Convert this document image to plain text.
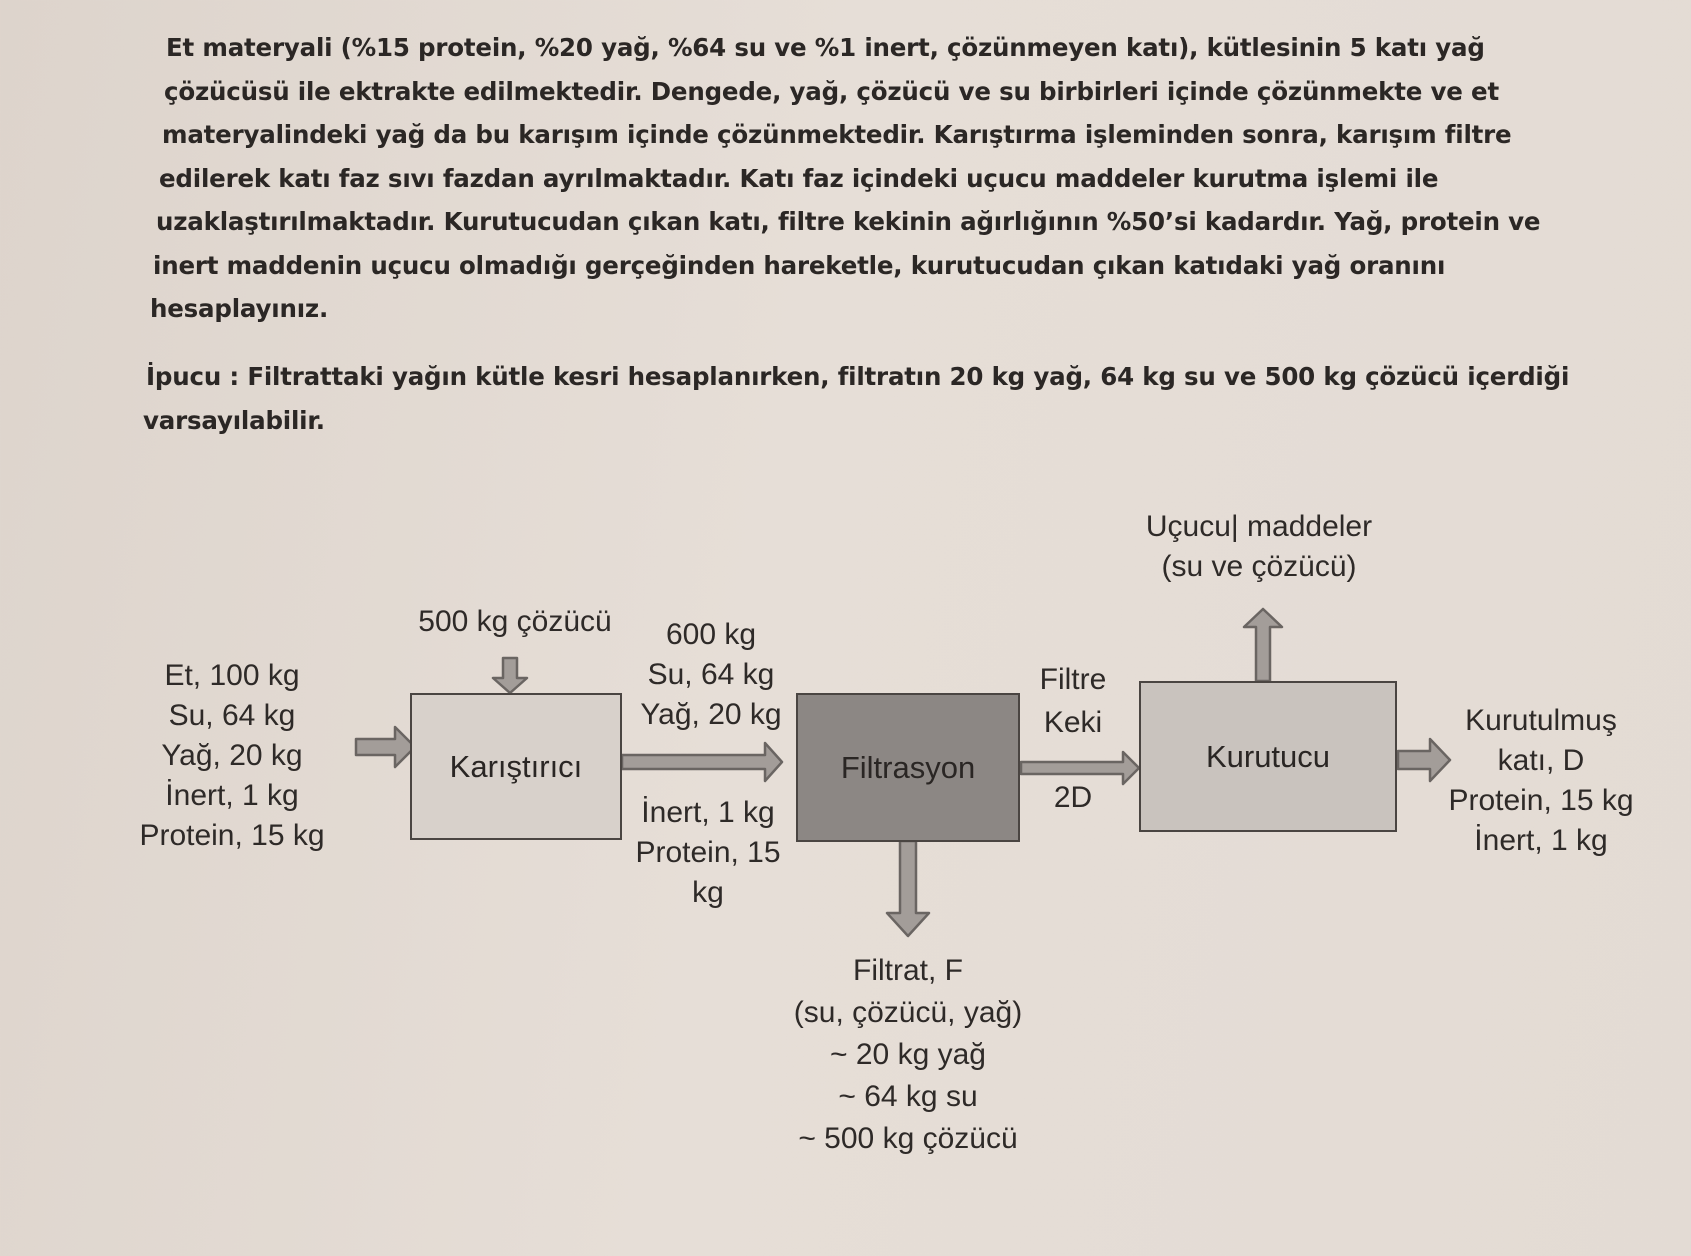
Et materyali (%15 protein, %20 yağ, %64 su ve %1 inert, çözünmeyen katı), kütlesinin 5 katı yağ
çözücüsü ile ektrakte edilmektedir. Dengede, yağ, çözücü ve su birbirleri içinde çözünmekte ve et
materyalindeki yağ da bu karışım içinde çözünmektedir. Karıştırma işleminden sonra, karışım filtre
edilerek katı faz sıvı fazdan ayrılmaktadır. Katı faz içindeki uçucu maddeler kurutma işlemi ile
uzaklaştırılmaktadır. Kurutucudan çıkan katı, filtre kekinin ağırlığının %50’si kadardır. Yağ, protein ve
inert maddenin uçucu olmadığı gerçeğinden hareketle, kurutucudan çıkan katıdaki yağ oranını
hesaplayınız.
İpucu : Filtrattaki yağın kütle kesri hesaplanırken, filtratın 20 kg yağ, 64 kg su ve 500 kg çözücü içerdiği
varsayılabilir.
Karıştırıcı	Filtrasyon	Kurutucu
Et, 100 kg
Su, 64 kg
Yağ, 20 kg
İnert, 1 kg
Protein, 15 kg
500 kg çözücü	600 kg
Su, 64 kg
Yağ, 20 kg
İnert, 1 kg
Protein, 15
kg
Filtre
Keki
2D
Uçucu| maddeler
(su ve çözücü)
Kurutulmuş
katı, D
Protein, 15 kg
İnert, 1 kg
Filtrat, F
(su, çözücü, yağ)
~ 20 kg yağ
~ 64 kg su
~ 500 kg çözücü
